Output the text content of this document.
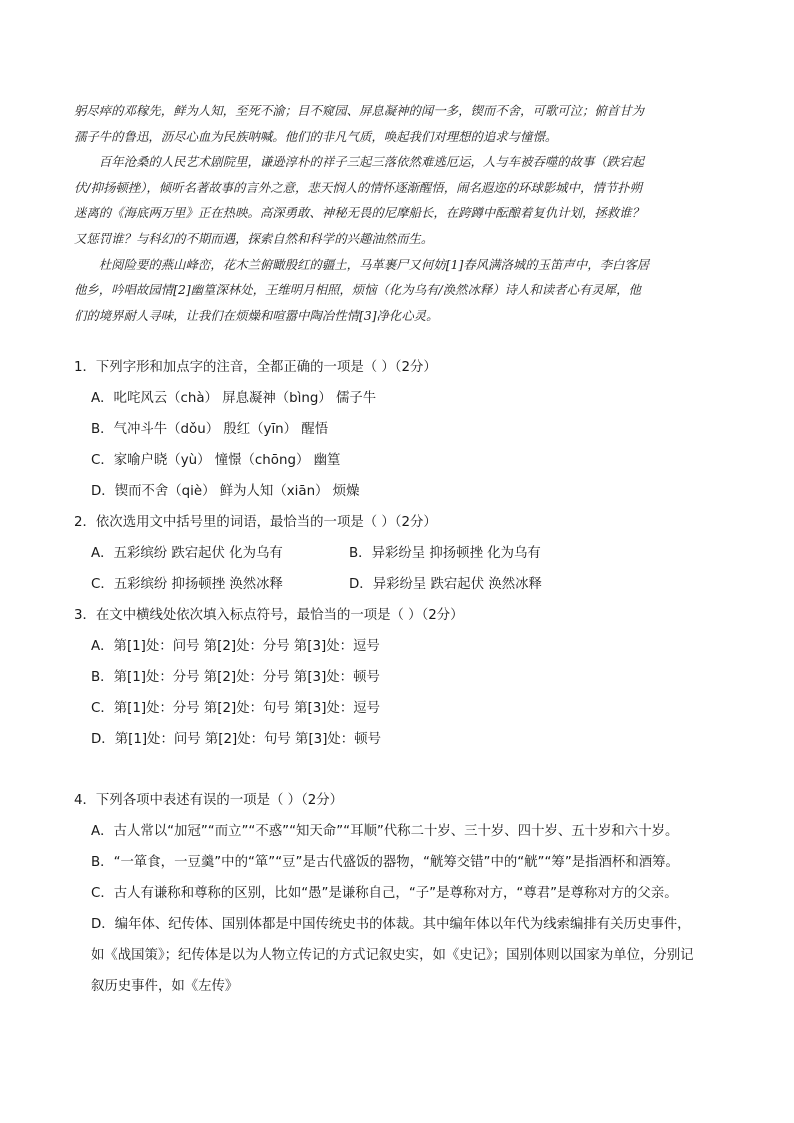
躬尽瘁的邓稼先，鲜为人知，至死不渝；目不窥园、屏息凝神的闻一多，锲而不舍，可歌可泣；俯首甘为
孺子牛的鲁迅，沥尽心血为民族呐喊。他们的非凡气质，唤起我们对理想的追求与憧憬。

百年沧桑的人民艺术剧院里，谦逊淳朴的祥子三起三落依然难逃厄运，人与车被吞噬的故事（跌宕起
伏/抑扬顿挫），倾听名著故事的言外之意，悲天悯人的情怀逐渐醒悟，闹名遐迩的环球影城中，情节扑朔
迷离的《海底两万里》正在热映。高深勇敢、神秘无畏的尼摩船长，在跨蹲中酝酿着复仇计划，拯救谁？
又惩罚谁？与科幻的不期而遇，探索自然和科学的兴趣油然而生。

杜阅险要的燕山峰峦，花木兰俯瞰殷红的疆土，马革裹尸又何妨[1]春风满洛城的玉笛声中，李白客居
他乡，吟唱故园情[2]幽篁深林处，王维明月相照，烦恼（化为乌有/涣然冰释）诗人和读者心有灵犀，他
们的境界耐人寻味，让我们在烦燥和喧嚣中陶冶性情[3]净化心灵。

1．下列字形和加点字的注音，全都正确的一项是（ ）（2分）
A．叱咤风云（chà） 屏息凝神（bìng） 儒子牛
B．气冲斗牛（dǒu） 殷红（yīn） 醒悟
C．家喻户晓（yù） 憧憬（chōng） 幽篁
D．锲而不舍（qiè） 鲜为人知（xiān） 烦燥
2．依次选用文中括号里的词语，最恰当的一项是（ ）（2分）
A．五彩缤纷 跌宕起伏 化为乌有	B．异彩纷呈 抑扬顿挫 化为乌有
C．五彩缤纷 抑扬顿挫 涣然冰释	D．异彩纷呈 跌宕起伏 涣然冰释
3．在文中横线处依次填入标点符号，最恰当的一项是（ ）（2分）
A．第[1]处：问号 第[2]处：分号 第[3]处：逗号
B．第[1]处：分号 第[2]处：分号 第[3]处：顿号
C．第[1]处：分号 第[2]处：句号 第[3]处：逗号
D．第[1]处：问号 第[2]处：句号 第[3]处：顿号
4．下列各项中表述有误的一项是（ ）（2分）
A．古人常以“加冠”“而立”“不惑”“知天命”“耳顺”代称二十岁、三十岁、四十岁、五十岁和六十岁。
B．“一箪食，一豆羹”中的“箪”“豆”是古代盛饭的器物，“觥筹交错”中的“觥”“筹”是指酒杯和酒筹。
C．古人有谦称和尊称的区别，比如“愚”是谦称自己，“子”是尊称对方，“尊君”是尊称对方的父亲。
D．编年体、纪传体、国别体都是中国传统史书的体裁。其中编年体以年代为线索编排有关历史事件，
如《战国策》；纪传体是以为人物立传记的方式记叙史实，如《史记》；国别体则以国家为单位，分别记
叙历史事件，如《左传》
